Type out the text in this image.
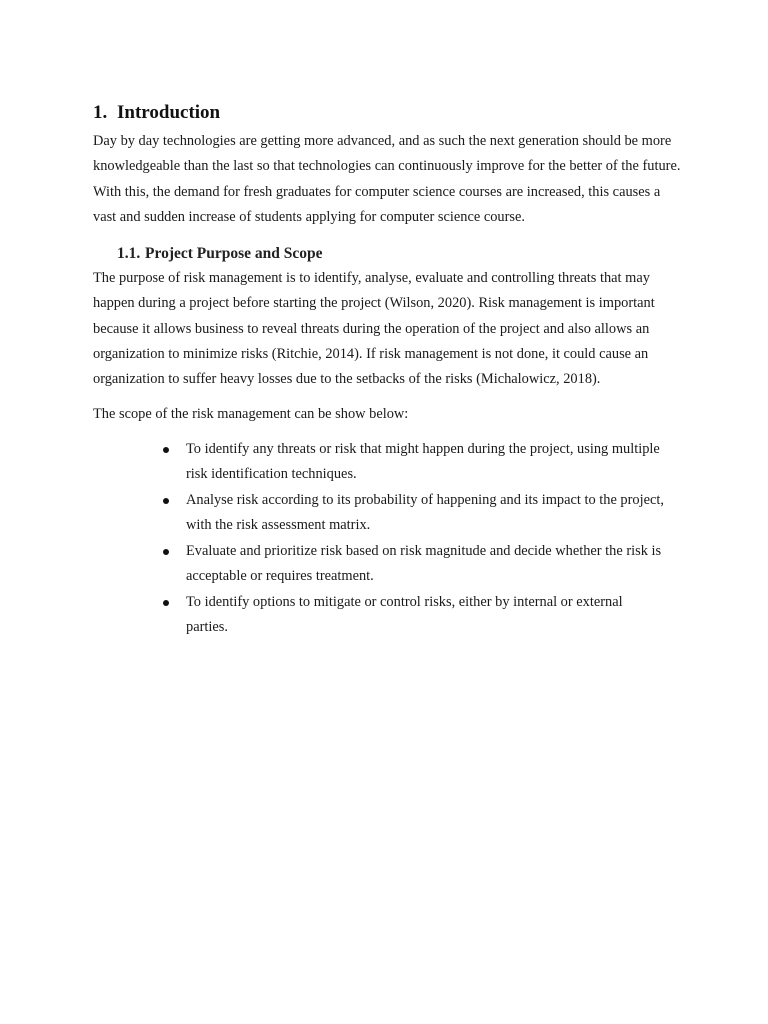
1. Introduction

Day by day technologies are getting more advanced, and as such the next generation should be more knowledgeable than the last so that technologies can continuously improve for the better of the future. With this, the demand for fresh graduates for computer science courses are increased, this causes a vast and sudden increase of students applying for computer science course.

1.1. Project Purpose and Scope

The purpose of risk management is to identify, analyse, evaluate and controlling threats that may happen during a project before starting the project (Wilson, 2020). Risk management is important because it allows business to reveal threats during the operation of the project and also allows an organization to minimize risks (Ritchie, 2014). If risk management is not done, it could cause an organization to suffer heavy losses due to the setbacks of the risks (Michalowicz, 2018).

The scope of the risk management can be show below:

To identify any threats or risk that might happen during the project, using multiple risk identification techniques.
Analyse risk according to its probability of happening and its impact to the project, with the risk assessment matrix.
Evaluate and prioritize risk based on risk magnitude and decide whether the risk is acceptable or requires treatment.
To identify options to mitigate or control risks, either by internal or external parties.
